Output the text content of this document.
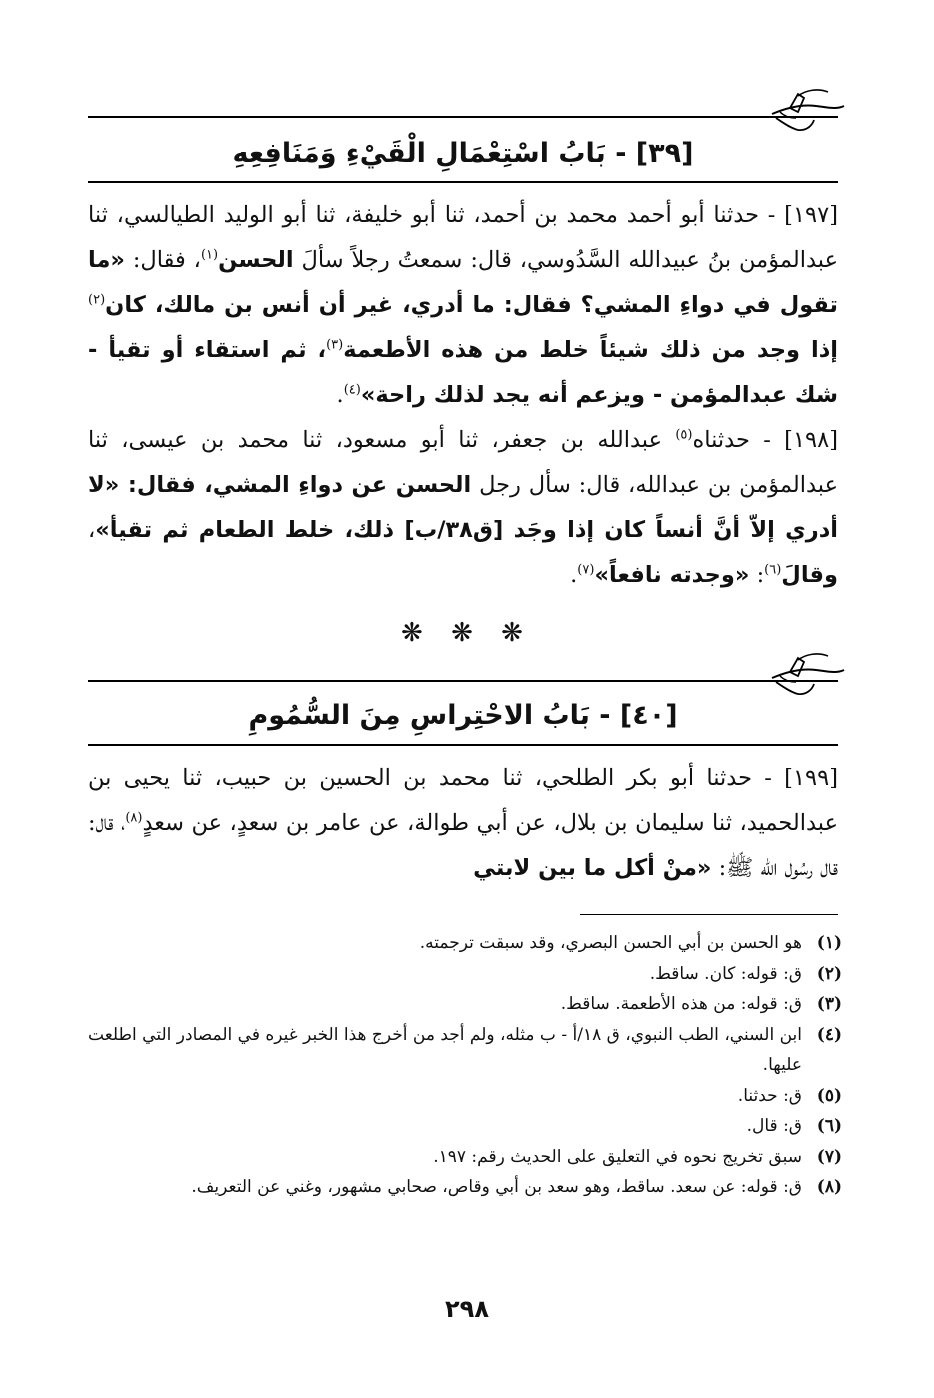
[٣٩] - بَابُ اسْتِعْمَالِ الْقَيْءِ وَمَنَافِعِهِ
[١٩٧] - حدثنا أبو أحمد محمد بن أحمد، ثنا أبو خليفة، ثنا أبو الوليد الطيالسي، ثنا عبدالمؤمن بنُ عبيدالله السَّدُوسي، قال: سمعتُ رجلاً سألَ الحسن$^{(١)}$، فقال: «ما تقول في دواءِ المشي؟ فقال: ما أدري، غير أن أنس بن مالك، كان$^{(٢)}$ إذا وجد من ذلك شيئاً خلط من هذه الأطعمة$^{(٣)}$، ثم استقاء أو تقيأ - شك عبدالمؤمن - ويزعم أنه يجد لذلك راحة»$^{(٤)}$.
[١٩٨] - حدثناه$^{(٥)}$ عبدالله بن جعفر، ثنا أبو مسعود، ثنا محمد بن عيسى، ثنا عبدالمؤمن بن عبدالله، قال: سأل رجل الحسن عن دواءِ المشي، فقال: «لا أدري إلاّ أنَّ أنساً كان إذا وجَد [ق٣٨/ب] ذلك، خلط الطعام ثم تقيأ»، وقالَ$^{(٦)}$: «وجدته نافعاً»$^{(٧)}$.
❋ ❋ ❋
[٤٠] - بَابُ الاحْتِراسِ مِنَ السُّمُومِ
[١٩٩] - حدثنا أبو بكر الطلحي، ثنا محمد بن الحسين بن حبيب، ثنا يحيى بن عبدالحميد، ثنا سليمان بن بلال، عن أبي طوالة، عن عامر بن سعدٍ، عن سعدٍ$^{(٨)}$، قال: قال رسُول الله ﷺ: «منْ أكل ما بين لابتي
(١)
هو الحسن بن أبي الحسن البصري، وقد سبقت ترجمته.
(٢)
ق: قوله: كان. ساقط.
(٣)
ق: قوله: من هذه الأطعمة. ساقط.
(٤)
ابن السني، الطب النبوي، ق ١٨/أ - ب مثله، ولم أجد من أخرج هذا الخبر غيره في المصادر التي اطلعت عليها.
(٥)
ق: حدثنا.
(٦)
ق: قال.
(٧)
سبق تخريج نحوه في التعليق على الحديث رقم: ١٩٧.
(٨)
ق: قوله: عن سعد. ساقط، وهو سعد بن أبي وقاص، صحابي مشهور، وغني عن التعريف.
٢٩٨
